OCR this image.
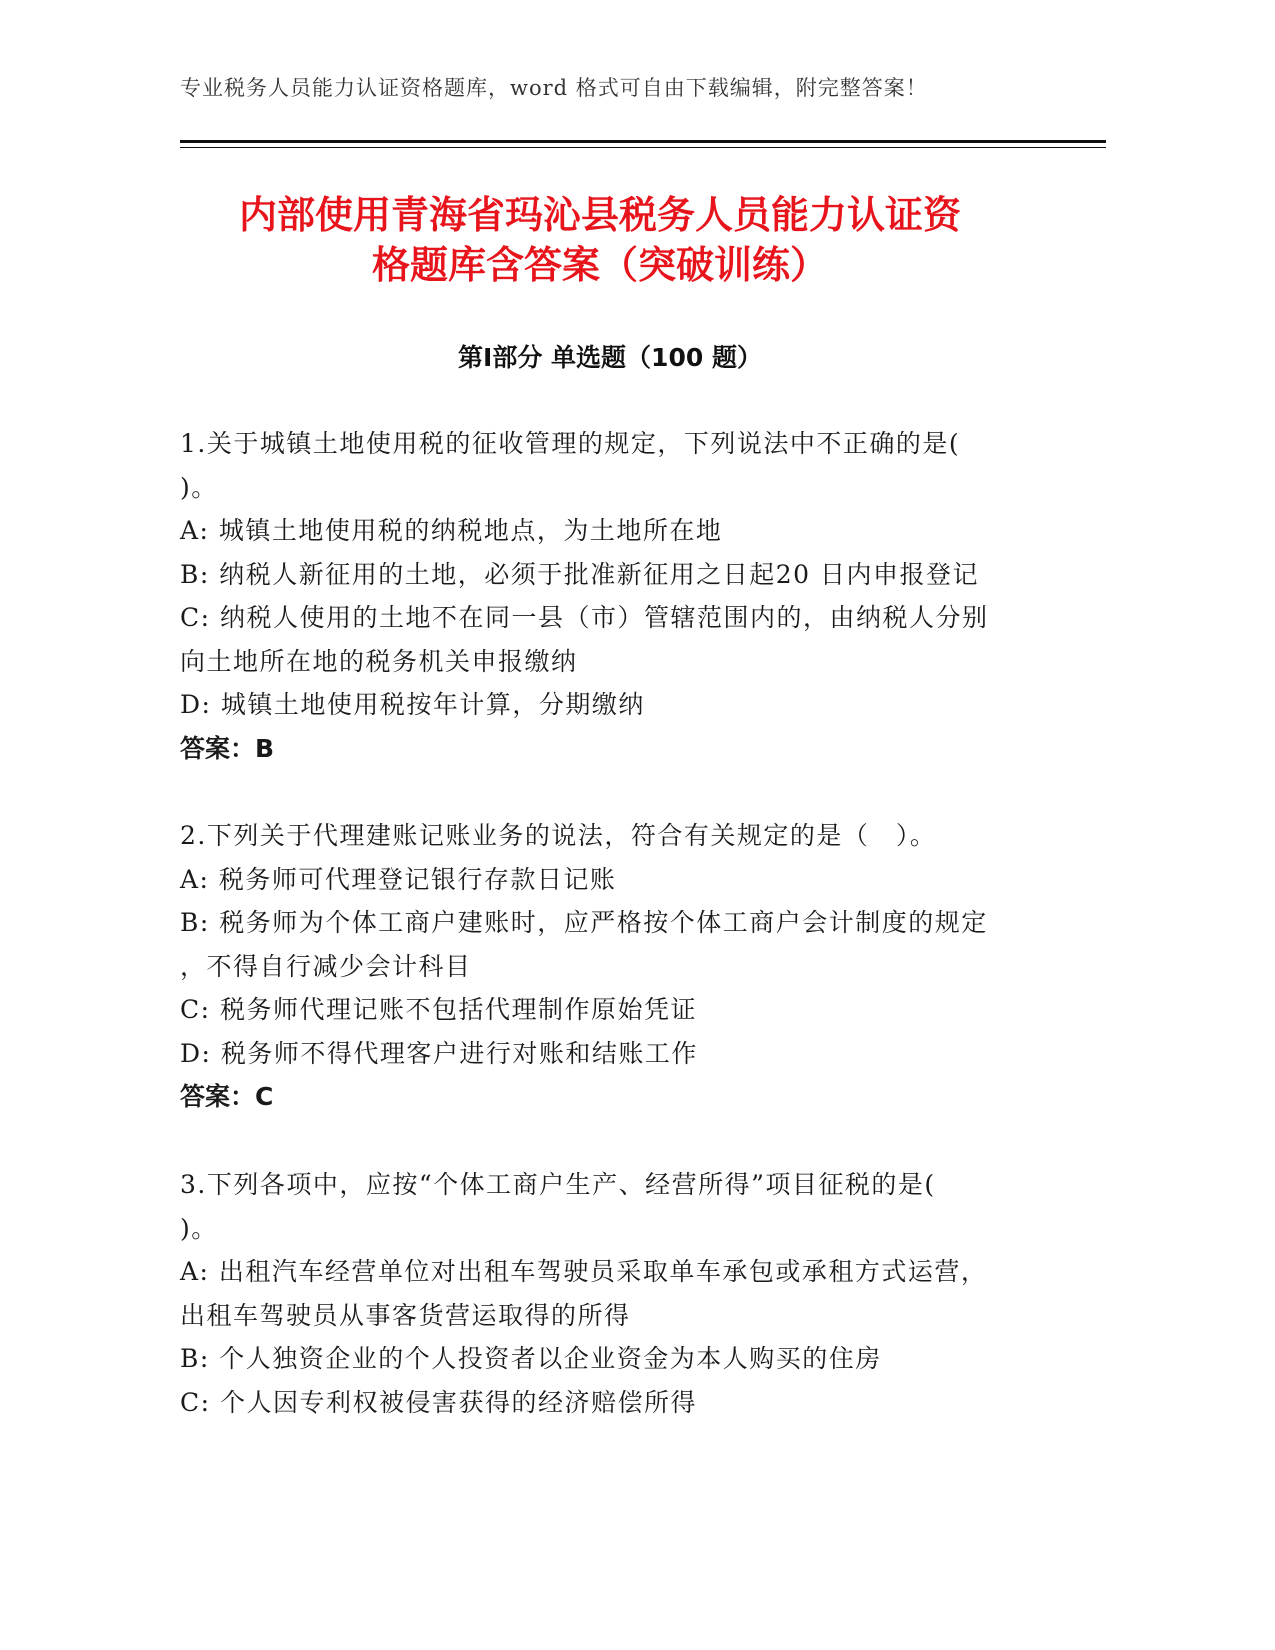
专业税务人员能力认证资格题库，word 格式可自由下载编辑，附完整答案！
内部使用青海省玛沁县税务人员能力认证资
格题库含答案（突破训练）
第Ⅰ部分 单选题（100 题）

1.关于城镇土地使用税的征收管理的规定，下列说法中不正确的是(

)。

A: 城镇土地使用税的纳税地点，为土地所在地

B: 纳税人新征用的土地，必须于批准新征用之日起20 日内申报登记

C: 纳税人使用的土地不在同一县（市）管辖范围内的，由纳税人分别

向土地所在地的税务机关申报缴纳

D: 城镇土地使用税按年计算，分期缴纳

答案：B

2.下列关于代理建账记账业务的说法，符合有关规定的是（　）。

A: 税务师可代理登记银行存款日记账

B: 税务师为个体工商户建账时，应严格按个体工商户会计制度的规定

，不得自行减少会计科目

C: 税务师代理记账不包括代理制作原始凭证

D: 税务师不得代理客户进行对账和结账工作

答案：C

3.下列各项中，应按“个体工商户生产、经营所得”项目征税的是(

)。

A: 出租汽车经营单位对出租车驾驶员采取单车承包或承租方式运营，

出租车驾驶员从事客货营运取得的所得

B: 个人独资企业的个人投资者以企业资金为本人购买的住房

C: 个人因专利权被侵害获得的经济赔偿所得
